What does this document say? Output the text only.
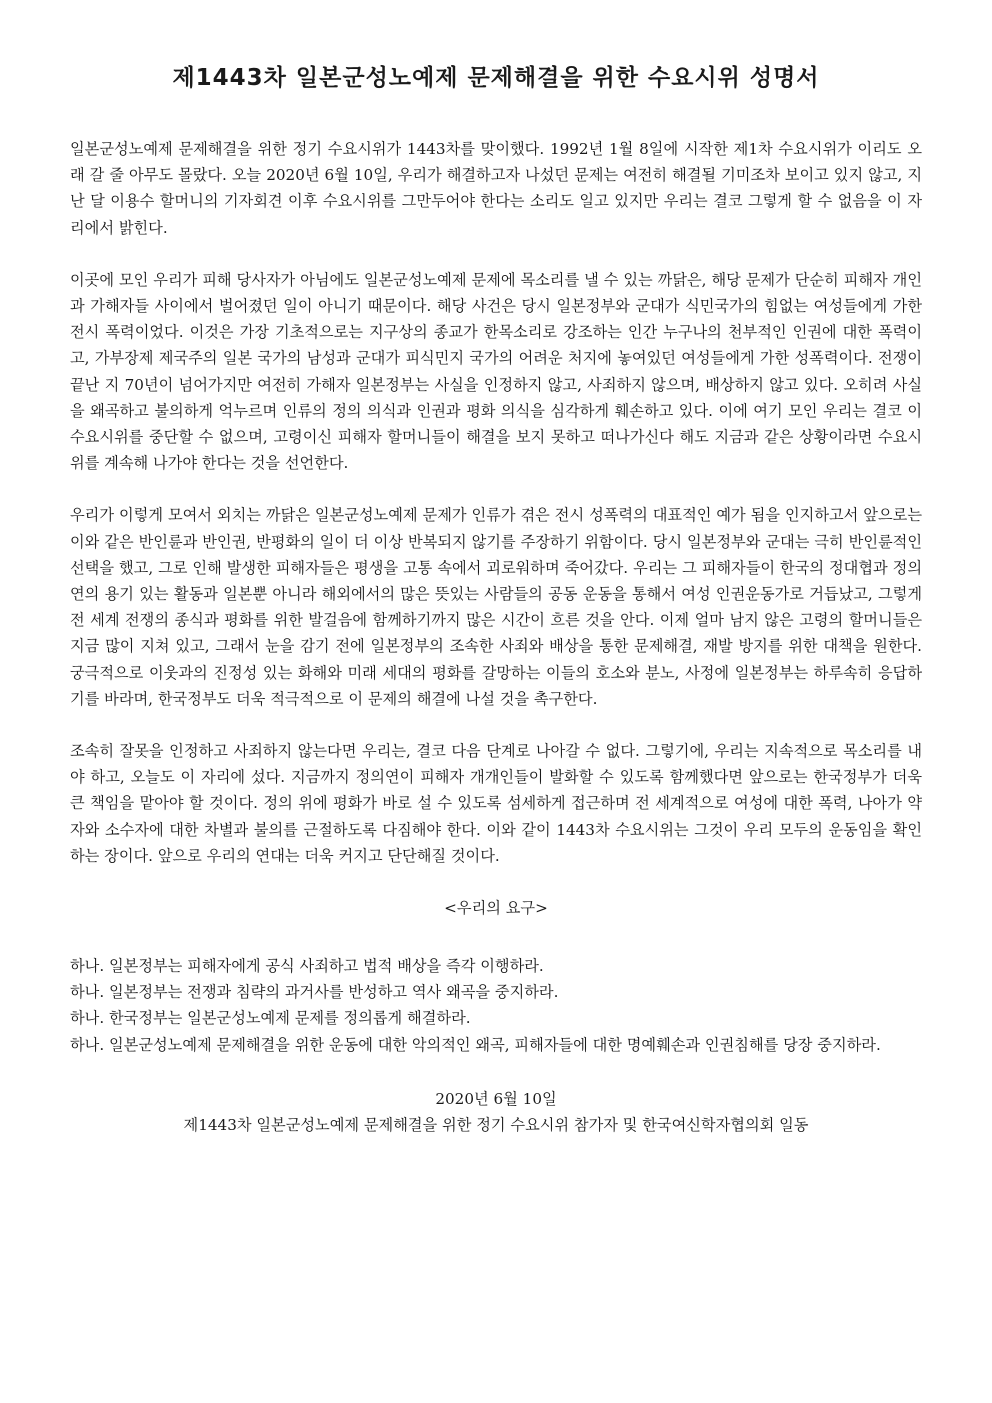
제1443차 일본군성노예제 문제해결을 위한 수요시위 성명서

일본군성노예제 문제해결을 위한 정기 수요시위가 1443차를 맞이했다. 1992년 1월 8일에 시작한 제1차 수요시위가 이리도 오래 갈 줄 아무도 몰랐다. 오늘 2020년 6월 10일, 우리가 해결하고자 나섰던 문제는 여전히 해결될 기미조차 보이고 있지 않고, 지난 달 이용수 할머니의 기자회견 이후 수요시위를 그만두어야 한다는 소리도 일고 있지만 우리는 결코 그렇게 할 수 없음을 이 자리에서 밝힌다.

이곳에 모인 우리가 피해 당사자가 아님에도 일본군성노예제 문제에 목소리를 낼 수 있는 까닭은, 해당 문제가 단순히 피해자 개인과 가해자들 사이에서 벌어졌던 일이 아니기 때문이다. 해당 사건은 당시 일본정부와 군대가 식민국가의 힘없는 여성들에게 가한 전시 폭력이었다. 이것은 가장 기초적으로는 지구상의 종교가 한목소리로 강조하는 인간 누구나의 천부적인 인권에 대한 폭력이고, 가부장제 제국주의 일본 국가의 남성과 군대가 피식민지 국가의 어려운 처지에 놓여있던 여성들에게 가한 성폭력이다. 전쟁이 끝난 지 70년이 넘어가지만 여전히 가해자 일본정부는 사실을 인정하지 않고, 사죄하지 않으며, 배상하지 않고 있다. 오히려 사실을 왜곡하고 불의하게 억누르며 인류의 정의 의식과 인권과 평화 의식을 심각하게 훼손하고 있다. 이에 여기 모인 우리는 결코 이 수요시위를 중단할 수 없으며, 고령이신 피해자 할머니들이 해결을 보지 못하고 떠나가신다 해도 지금과 같은 상황이라면 수요시위를 계속해 나가야 한다는 것을 선언한다.

우리가 이렇게 모여서 외치는 까닭은 일본군성노예제 문제가 인류가 겪은 전시 성폭력의 대표적인 예가 됨을 인지하고서 앞으로는 이와 같은 반인륜과 반인권, 반평화의 일이 더 이상 반복되지 않기를 주장하기 위함이다. 당시 일본정부와 군대는 극히 반인륜적인 선택을 했고, 그로 인해 발생한 피해자들은 평생을 고통 속에서 괴로워하며 죽어갔다. 우리는 그 피해자들이 한국의 정대협과 정의연의 용기 있는 활동과 일본뿐 아니라 해외에서의 많은 뜻있는 사람들의 공동 운동을 통해서 여성 인권운동가로 거듭났고, 그렇게 전 세계 전쟁의 종식과 평화를 위한 발걸음에 함께하기까지 많은 시간이 흐른 것을 안다. 이제 얼마 남지 않은 고령의 할머니들은 지금 많이 지쳐 있고, 그래서 눈을 감기 전에 일본정부의 조속한 사죄와 배상을 통한 문제해결, 재발 방지를 위한 대책을 원한다. 궁극적으로 이웃과의 진정성 있는 화해와 미래 세대의 평화를 갈망하는 이들의 호소와 분노, 사정에 일본정부는 하루속히 응답하기를 바라며, 한국정부도 더욱 적극적으로 이 문제의 해결에 나설 것을 촉구한다.

조속히 잘못을 인정하고 사죄하지 않는다면 우리는, 결코 다음 단계로 나아갈 수 없다. 그렇기에, 우리는 지속적으로 목소리를 내야 하고, 오늘도 이 자리에 섰다. 지금까지 정의연이 피해자 개개인들이 발화할 수 있도록 함께했다면 앞으로는 한국정부가 더욱 큰 책임을 맡아야 할 것이다. 정의 위에 평화가 바로 설 수 있도록 섬세하게 접근하며 전 세계적으로 여성에 대한 폭력, 나아가 약자와 소수자에 대한 차별과 불의를 근절하도록 다짐해야 한다. 이와 같이 1443차 수요시위는 그것이 우리 모두의 운동임을 확인하는 장이다. 앞으로 우리의 연대는 더욱 커지고 단단해질 것이다.

<우리의 요구>
하나. 일본정부는 피해자에게 공식 사죄하고 법적 배상을 즉각 이행하라.
하나. 일본정부는 전쟁과 침략의 과거사를 반성하고 역사 왜곡을 중지하라.
하나. 한국정부는 일본군성노예제 문제를 정의롭게 해결하라.
하나. 일본군성노예제 문제해결을 위한 운동에 대한 악의적인 왜곡, 피해자들에 대한 명예훼손과 인권침해를 당장 중지하라.
2020년 6월 10일
제1443차 일본군성노예제 문제해결을 위한 정기 수요시위 참가자 및 한국여신학자협의회 일동
